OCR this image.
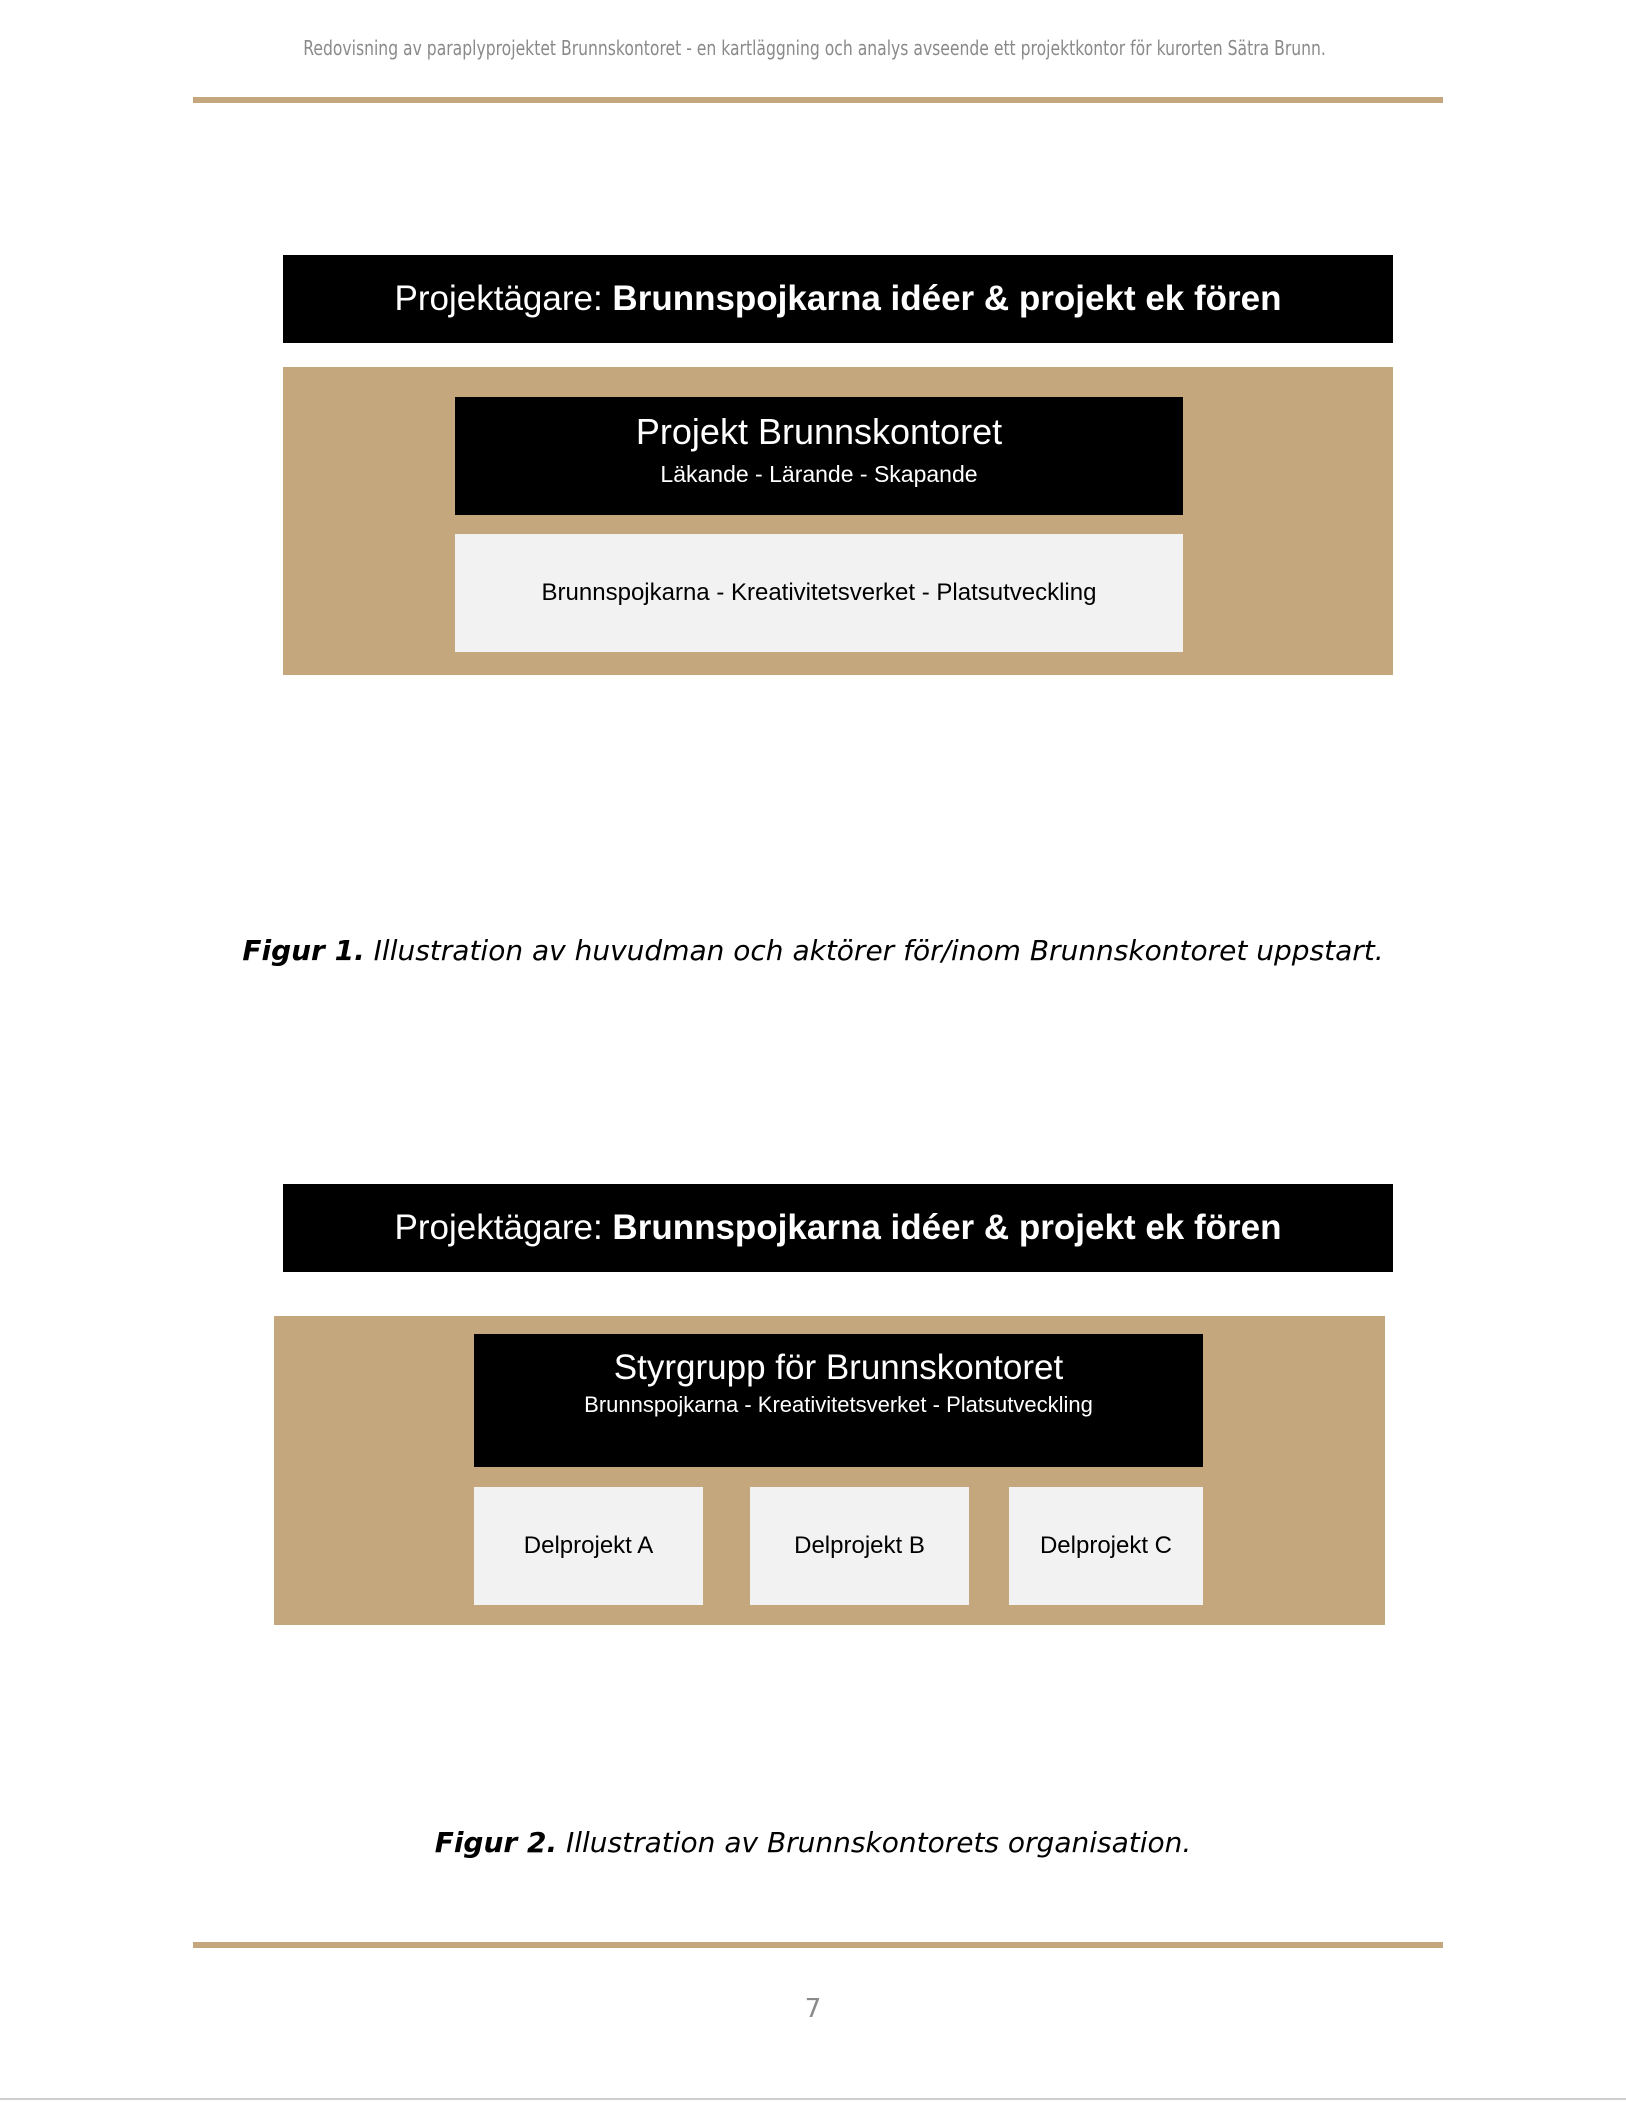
Redovisning av paraplyprojektet Brunnskontoret - en kartläggning och analys avseende ett projektkontor för kurorten Sätra Brunn.
Projektägare: Brunnspojkarna idéer & projekt ek fören
Projekt Brunnskontoret
Läkande - Lärande - Skapande
Brunnspojkarna - Kreativitetsverket - Platsutveckling
Figur 1. Illustration av huvudman och aktörer för/inom Brunnskontoret uppstart.
Projektägare: Brunnspojkarna idéer & projekt ek fören
Styrgrupp för Brunnskontoret
Brunnspojkarna - Kreativitetsverket - Platsutveckling
Delprojekt A	Delprojekt B	Delprojekt C
Figur 2. Illustration av Brunnskontorets organisation.
7
